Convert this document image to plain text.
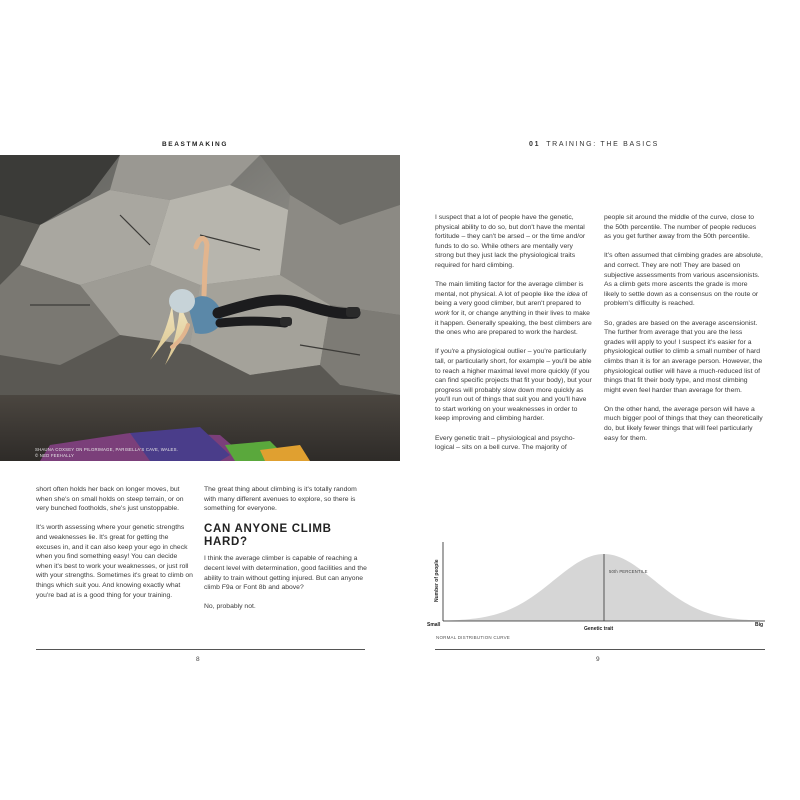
BEASTMAKING	01 TRAINING: THE BASICS
SHAUNA COXSEY ON PILGRIMAGE, PARISELLA'S CAVE, WALES.
© NED FEEHALLY

short often holds her back on longer moves, but when she's on small holds on steep terrain, or on very bunched footholds, she's just unstoppable.

It's worth assessing where your genetic strengths and weaknesses lie. It's great for getting the excuses in, and it can also keep your ego in check when you find something easy! You can decide when it's best to work your weaknesses, or just roll with your strengths. Sometimes it's great to climb on things which suit you. And knowing exactly what you're bad at is a good thing for your training.

The great thing about climbing is it's totally random with many different avenues to explore, so there is something for everyone.

CAN ANYONE CLIMB HARD?

I think the average climber is capable of reaching a decent level with determination, good facilities and the ability to train without getting injured. But can anyone climb F9a or Font 8b and above?

No, probably not.

I suspect that a lot of people have the genetic, physical ability to do so, but don't have the mental fortitude – they can't be arsed – or the time and/or funds to do so. While others are mentally very strong but they just lack the physiological traits required for hard climbing.

The main limiting factor for the average climber is mental, not physical. A lot of people like the idea of being a very good climber, but aren't prepared to work for it, or change anything in their lives to make it happen. Generally speaking, the best climbers are the ones who are prepared to work the hardest.

If you're a physiological outlier – you're particularly tall, or particularly short, for example – you'll be able to reach a higher maximal level more quickly (if you can find specific projects that fit your body), but your progress will probably slow down more quickly as you'll run out of things that suit you and you'll have to start working on your weaknesses in order to keep improving and climbing harder.

Every genetic trait – physiological and psycho-logical – sits on a bell curve. The majority of

people sit around the middle of the curve, close to the 50th percentile. The number of people reduces as you get further away from the 50th percentile.

It's often assumed that climbing grades are absolute, and correct. They are not! They are based on subjective assessments from various ascensionists. As a climb gets more ascents the grade is more likely to settle down as a consensus on the route or problem's difficulty is reached.

So, grades are based on the average ascensionist. The further from average that you are the less grades will apply to you! I suspect it's easier for a physiological outlier to climb a small number of hard climbs than it is for an average person. However, the physiological outlier will have a much-reduced list of things that fit their body type, and most climbing might even feel harder than average for them.

On the other hand, the average person will have a much bigger pool of things that they can theoretically do, but likely fewer things that will feel particularly easy for them.

50th PERCENTILE
Number of people
Small	Big
Genetic trait
NORMAL DISTRIBUTION CURVE
8	9
